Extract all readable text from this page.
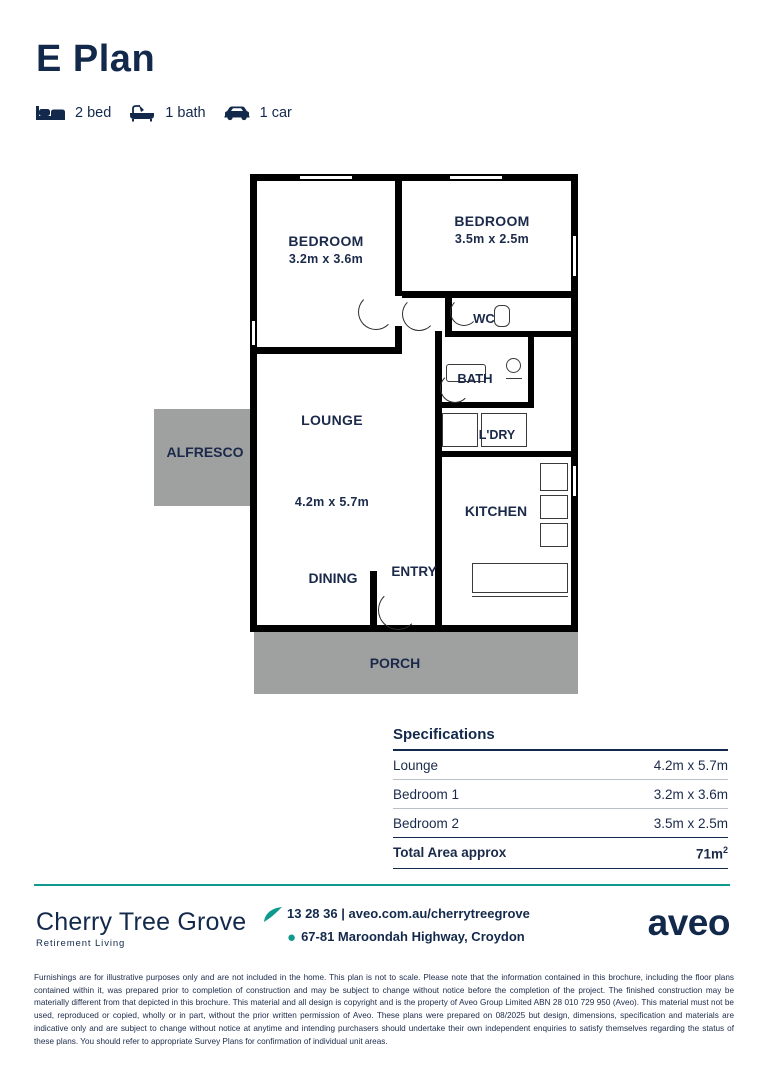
E Plan
2 bed	1 bath	1 car
BEDROOM
3.2m x 3.6m
BEDROOM
3.5m x 2.5m
LOUNGE
4.2m x 5.7m
WC
BATH
L'DRY
KITCHEN
DINING	ENTRY
ALFRESCO
PORCH
Specifications
Lounge	4.2m x 5.7m
Bedroom 1	3.2m x 3.6m
Bedroom 2	3.5m x 2.5m
Total Area approx	$71m^2$
Cherry Tree Grove
Retirement Living
13 28 36 | aveo.com.au/cherrytreegrove
● 67-81 Maroondah Highway, Croydon	aveo
Furnishings are for illustrative purposes only and are not included in the home. This plan is not to scale. Please note that the information contained in this brochure, including the floor plans contained within it, was prepared prior to completion of construction and may be subject to change without notice before the completion of the project. The finished construction may be materially different from that depicted in this brochure. This material and all design is copyright and is the property of Aveo Group Limited ABN 28 010 729 950 (Aveo). This material must not be used, reproduced or copied, wholly or in part, without the prior written permission of Aveo. These plans were prepared on 08/2025 but design, dimensions, specification and materials are indicative only and are subject to change without notice at anytime and intending purchasers should undertake their own independent enquiries to satisfy themselves regarding the status of these plans. You should refer to appropriate Survey Plans for confirmation of individual unit areas.
